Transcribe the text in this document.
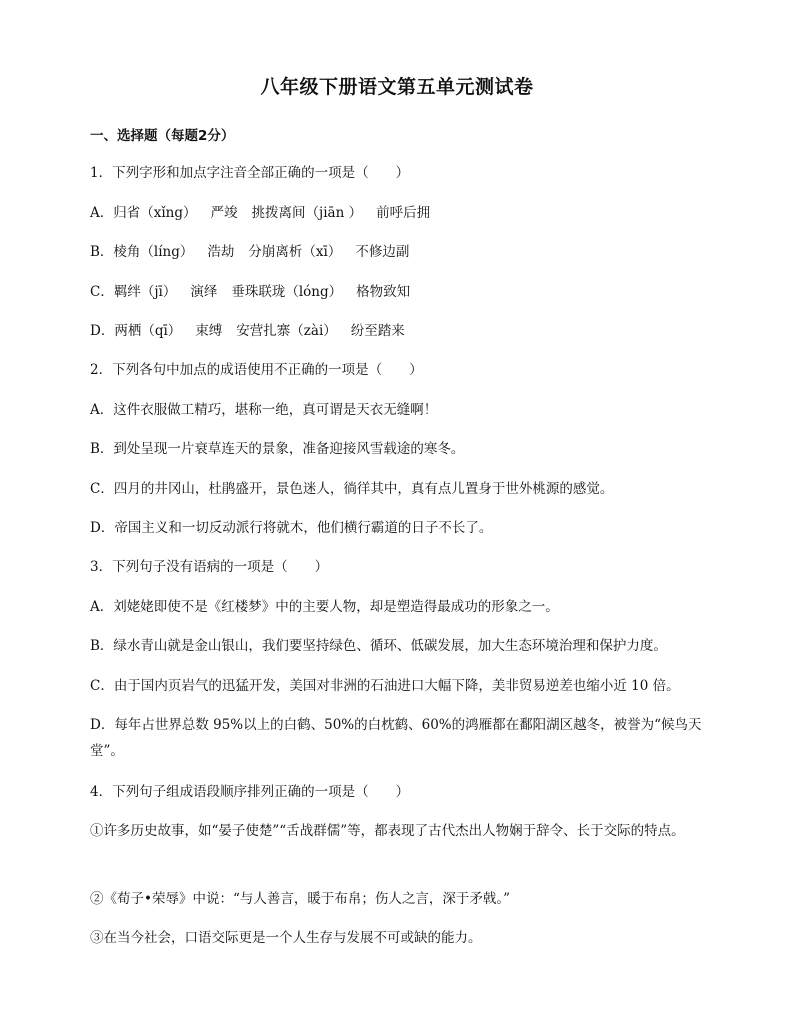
八年级下册语文第五单元测试卷
一、选择题（每题2分）
1．下列字形和加点字注音全部正确的一项是（　　）
A．归省（xǐng） 严竣 挑拨离间（jiān ） 前呼后拥
B．棱角（líng） 浩劫 分崩离析（xī） 不修边副
C．羁绊（jī） 演绎 垂珠联珑（lóng） 格物致知
D．两栖（qī） 束缚 安营扎寨（zài） 纷至踏来
2．下列各句中加点的成语使用不正确的一项是（　　）
A．这件衣服做工精巧，堪称一绝，真可谓是天衣无缝啊！
B．到处呈现一片衰草连天的景象，准备迎接风雪载途的寒冬。
C．四月的井冈山，杜鹃盛开，景色迷人，徜徉其中，真有点儿置身于世外桃源的感觉。
D．帝国主义和一切反动派行将就木，他们横行霸道的日子不长了。
3．下列句子没有语病的一项是（　　）
A．刘姥姥即使不是《红楼梦》中的主要人物，却是塑造得最成功的形象之一。
B．绿水青山就是金山银山，我们要坚持绿色、循环、低碳发展，加大生态环境治理和保护力度。
C．由于国内页岩气的迅猛开发，美国对非洲的石油进口大幅下降，美非贸易逆差也缩小近 10 倍。
D．每年占世界总数 95%以上的白鹤、50%的白枕鹤、60%的鸿雁都在鄱阳湖区越冬，被誉为“候鸟天堂”。
4．下列句子组成语段顺序排列正确的一项是（　　）
①许多历史故事，如“晏子使楚”“舌战群儒”等，都表现了古代杰出人物娴于辞令、长于交际的特点。
②《荀子•荣辱》中说：“与人善言，暖于布帛；伤人之言，深于矛戟。”
③在当今社会，口语交际更是一个人生存与发展不可或缺的能力。
